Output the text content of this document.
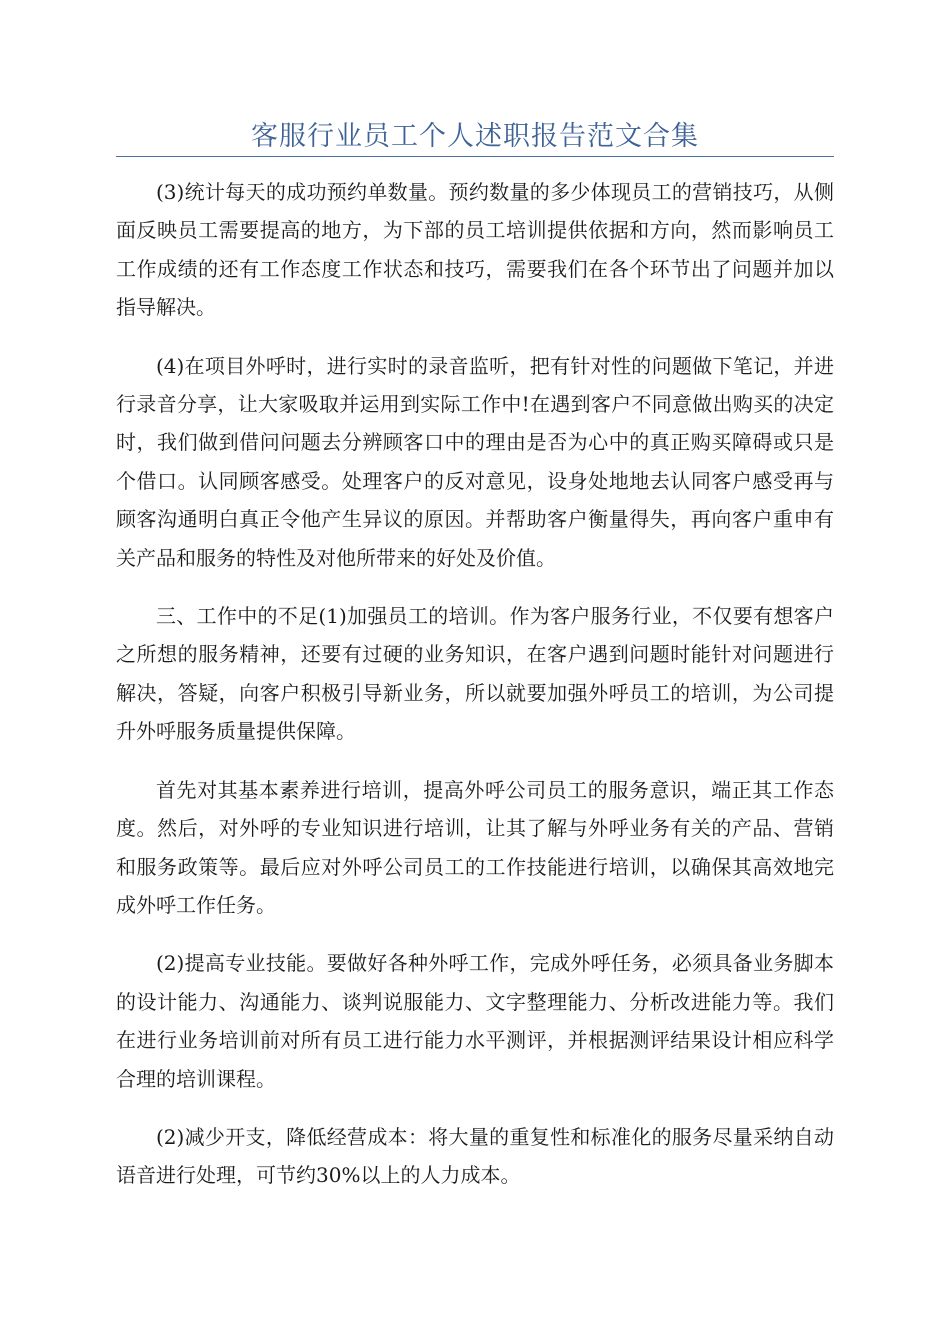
客服行业员工个人述职报告范文合集

(3)统计每天的成功预约单数量。预约数量的多少体现员工的营销技巧，从侧面反映员工需要提高的地方，为下部的员工培训提供依据和方向，然而影响员工工作成绩的还有工作态度工作状态和技巧，需要我们在各个环节出了问题并加以指导解决。

(4)在项目外呼时，进行实时的录音监听，把有针对性的问题做下笔记，并进行录音分享，让大家吸取并运用到实际工作中!在遇到客户不同意做出购买的决定时，我们做到借问问题去分辨顾客口中的理由是否为心中的真正购买障碍或只是个借口。认同顾客感受。处理客户的反对意见，设身处地地去认同客户感受再与顾客沟通明白真正令他产生异议的原因。并帮助客户衡量得失，再向客户重申有关产品和服务的特性及对他所带来的好处及价值。

三、工作中的不足(1)加强员工的培训。作为客户服务行业，不仅要有想客户之所想的服务精神，还要有过硬的业务知识，在客户遇到问题时能针对问题进行解决，答疑，向客户积极引导新业务，所以就要加强外呼员工的培训，为公司提升外呼服务质量提供保障。

首先对其基本素养进行培训，提高外呼公司员工的服务意识，端正其工作态度。然后，对外呼的专业知识进行培训，让其了解与外呼业务有关的产品、营销和服务政策等。最后应对外呼公司员工的工作技能进行培训，以确保其高效地完成外呼工作任务。

(2)提高专业技能。要做好各种外呼工作，完成外呼任务，必须具备业务脚本的设计能力、沟通能力、谈判说服能力、文字整理能力、分析改进能力等。我们在进行业务培训前对所有员工进行能力水平测评，并根据测评结果设计相应科学合理的培训课程。

(2)减少开支，降低经营成本：将大量的重复性和标准化的服务尽量采纳自动语音进行处理，可节约30%以上的人力成本。
